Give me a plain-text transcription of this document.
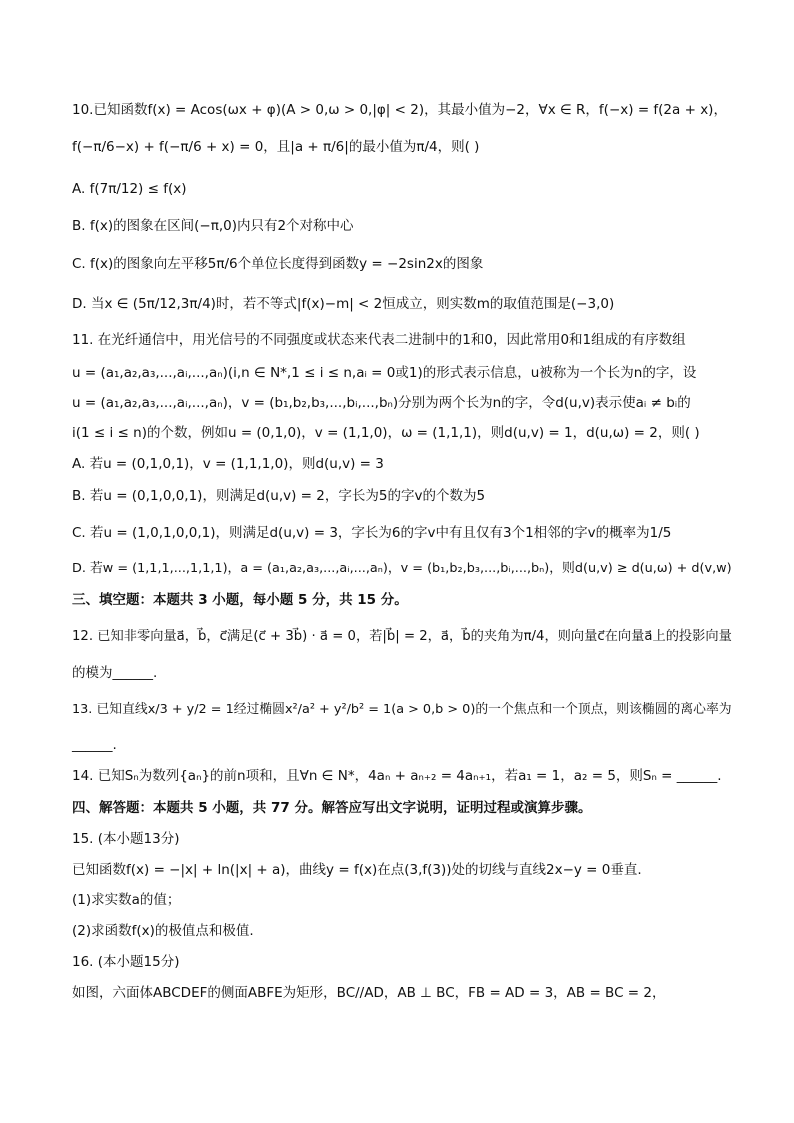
10.已知函数f(x) = Acos(ωx + φ)(A > 0,ω > 0,|φ| < 2)，其最小值为−2，∀x ∈ R，f(−x) = f(2a + x)，
f(−π/6−x) + f(−π/6 + x) = 0，且|a + π/6|的最小值为π/4，则( )
A. f(7π/12) ≤ f(x)
B. f(x)的图象在区间(−π,0)内只有2个对称中心
C. f(x)的图象向左平移5π/6个单位长度得到函数y = −2sin2x的图象
D. 当x ∈ (5π/12,3π/4)时，若不等式|f(x)−m| < 2恒成立，则实数m的取值范围是(−3,0)
11. 在光纤通信中，用光信号的不同强度或状态来代表二进制中的1和0，因此常用0和1组成的有序数组
u = (a₁,a₂,a₃,...,aᵢ,...,aₙ)(i,n ∈ N*,1 ≤ i ≤ n,aᵢ = 0或1)的形式表示信息，u被称为一个长为n的字，设
u = (a₁,a₂,a₃,...,aᵢ,...,aₙ)，v = (b₁,b₂,b₃,...,bᵢ,...,bₙ)分别为两个长为n的字，令d(u,v)表示使aᵢ ≠ bᵢ的
i(1 ≤ i ≤ n)的个数，例如u = (0,1,0)，v = (1,1,0)，ω = (1,1,1)，则d(u,v) = 1，d(u,ω) = 2，则( )
A. 若u = (0,1,0,1)，v = (1,1,1,0)，则d(u,v) = 3
B. 若u = (0,1,0,0,1)，则满足d(u,v) = 2，字长为5的字v的个数为5
C. 若u = (1,0,1,0,0,1)，则满足d(u,v) = 3，字长为6的字v中有且仅有3个1相邻的字v的概率为1/5
D. 若w = (1,1,1,...,1,1,1)，a = (a₁,a₂,a₃,...,aᵢ,...,aₙ)，v = (b₁,b₂,b₃,...,bᵢ,...,bₙ)，则d(u,v) ≥ d(u,ω) + d(v,w)
三、填空题：本题共 3 小题，每小题 5 分，共 15 分。
12. 已知非零向量a⃗，b⃗，c⃗满足(c⃗ + 3b⃗) · a⃗ = 0，若|b⃗| = 2，a⃗，b⃗的夹角为π/4，则向量c⃗在向量a⃗上的投影向量
的模为______.
13. 已知直线x/3 + y/2 = 1经过椭圆x²/a² + y²/b² = 1(a > 0,b > 0)的一个焦点和一个顶点，则该椭圆的离心率为
______.
14. 已知Sₙ为数列{aₙ}的前n项和，且∀n ∈ N*，4aₙ + aₙ₊₂ = 4aₙ₊₁，若a₁ = 1，a₂ = 5，则Sₙ = ______.
四、解答题：本题共 5 小题，共 77 分。解答应写出文字说明，证明过程或演算步骤。
15. (本小题13分)
已知函数f(x) = −|x| + ln(|x| + a)，曲线y = f(x)在点(3,f(3))处的切线与直线2x−y = 0垂直.
(1)求实数a的值；
(2)求函数f(x)的极值点和极值.
16. (本小题15分)
如图，六面体ABCDEF的侧面ABFE为矩形，BC//AD，AB ⊥ BC，FB = AD = 3，AB = BC = 2，
